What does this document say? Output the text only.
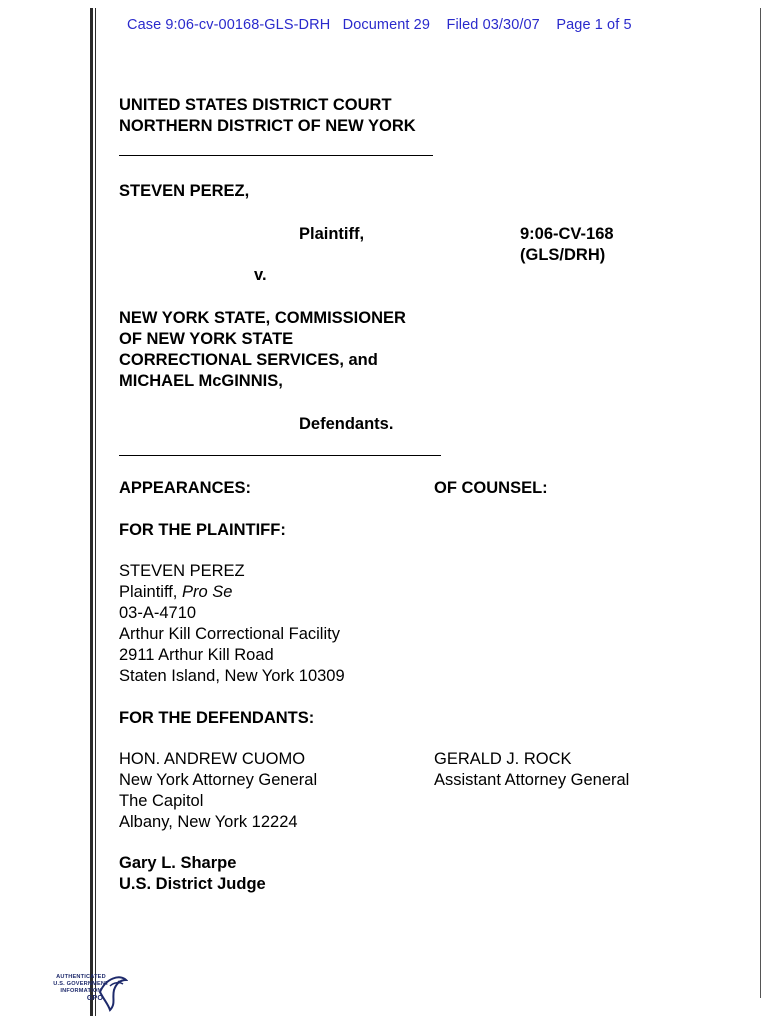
Case 9:06-cv-00168-GLS-DRH Document 29 Filed 03/30/07 Page 1 of 5
UNITED STATES DISTRICT COURT
NORTHERN DISTRICT OF NEW YORK
STEVEN PEREZ,
Plaintiff,	9:06-CV-168
(GLS/DRH)
v.
NEW YORK STATE, COMMISSIONER
OF NEW YORK STATE
CORRECTIONAL SERVICES, and
MICHAEL McGINNIS,
Defendants.
APPEARANCES:	OF COUNSEL:
FOR THE PLAINTIFF:
STEVEN PEREZ
Plaintiff, Pro Se
03-A-4710
Arthur Kill Correctional Facility
2911 Arthur Kill Road
Staten Island, New York 10309
FOR THE DEFENDANTS:
HON. ANDREW CUOMO
New York Attorney General
The Capitol
Albany, New York 12224
GERALD J. ROCK
Assistant Attorney General
Gary L. Sharpe
U.S. District Judge
AUTHENTICATED
U.S. GOVERNMENT
INFORMATION
GPO
